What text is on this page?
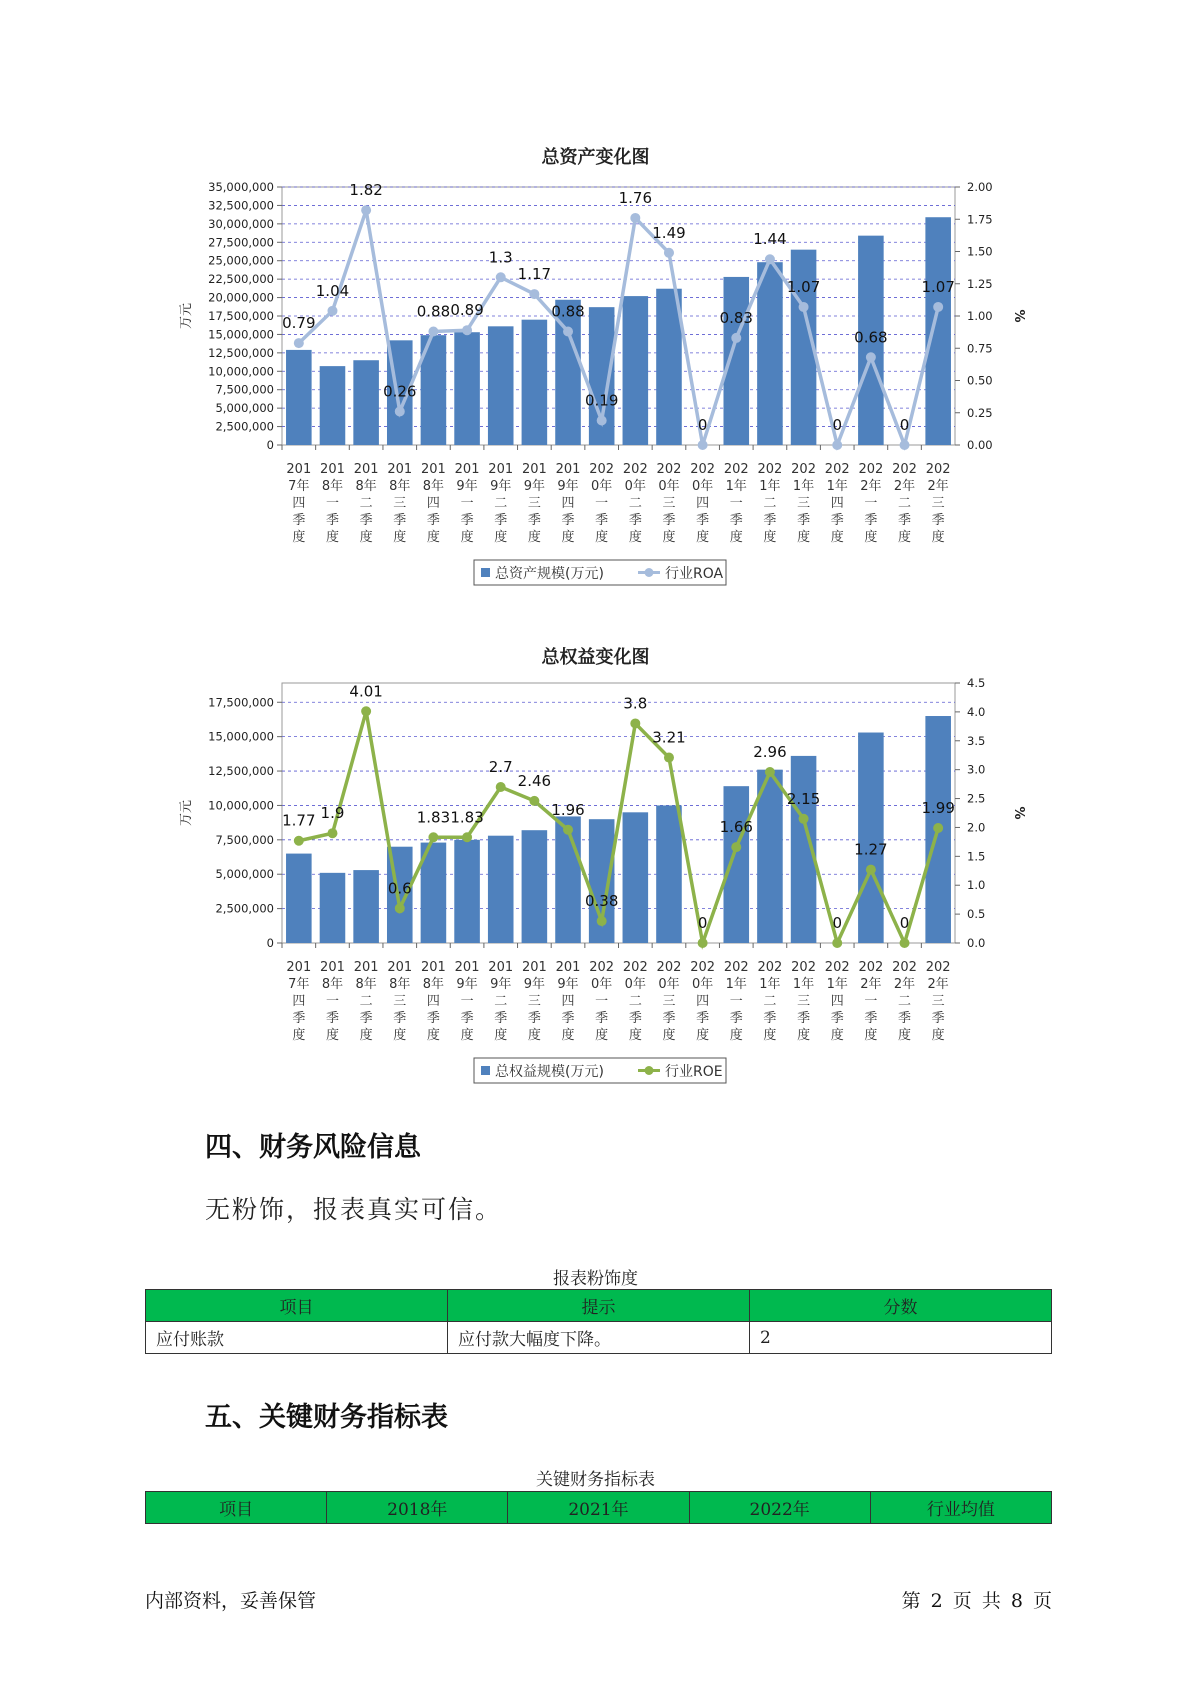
总资产变化图
0
2,500,000
5,000,000
7,500,000
10,000,000
12,500,000
15,000,000
17,500,000
20,000,000
22,500,000
25,000,000
27,500,000
30,000,000
32,500,000
35,000,000
0.00
0.25
0.50
0.75
1.00
1.25
1.50
1.75
2.00
万元	%
0.79
1.04
1.82
0.26
0.88 0.89
1.3
1.17
0.88
0.19
1.76
1.49
0
0.83
1.44
1.07
0
0.68
0
1.07
201
7年
四
季
度
201
8年
一
季
度
201
8年
二
季
度
201
8年
三
季
度
201
8年
四
季
度
201
9年
一
季
度
201
9年
二
季
度
201
9年
三
季
度
201
9年
四
季
度
202
0年
一
季
度
202
0年
二
季
度
202
0年
三
季
度
202
0年
四
季
度
202
1年
一
季
度
202
1年
二
季
度
202
1年
三
季
度
202
1年
四
季
度
202
2年
一
季
度
202
2年
二
季
度
202
2年
三
季
度
总资产规模(万元)	行业ROA
总权益变化图
0
2,500,000
5,000,000
7,500,000
10,000,000
12,500,000
15,000,000
17,500,000
0.0
0.5
1.0
1.5
2.0
2.5
3.0
3.5
4.0
4.5
万元	%
1.77 1.9
4.01
0.6
1.83 1.83
2.7
2.46
1.96
0.38
3.8
3.21
0
1.66
2.96
2.15
0
1.27
0
1.99
201
7年
四
季
度
201
8年
一
季
度
201
8年
二
季
度
201
8年
三
季
度
201
8年
四
季
度
201
9年
一
季
度
201
9年
二
季
度
201
9年
三
季
度
201
9年
四
季
度
202
0年
一
季
度
202
0年
二
季
度
202
0年
三
季
度
202
0年
四
季
度
202
1年
一
季
度
202
1年
二
季
度
202
1年
三
季
度
202
1年
四
季
度
202
2年
一
季
度
202
2年
二
季
度
202
2年
三
季
度
总权益规模(万元)	行业ROE
四、财务风险信息
无粉饰，报表真实可信。
报表粉饰度
项目	提示	分数
应付账款	应付款大幅度下降。	2
五、关键财务指标表
关键财务指标表
项目	2018年	2021年	2022年	行业均值
内部资料，妥善保管	第 2 页 共 8 页
